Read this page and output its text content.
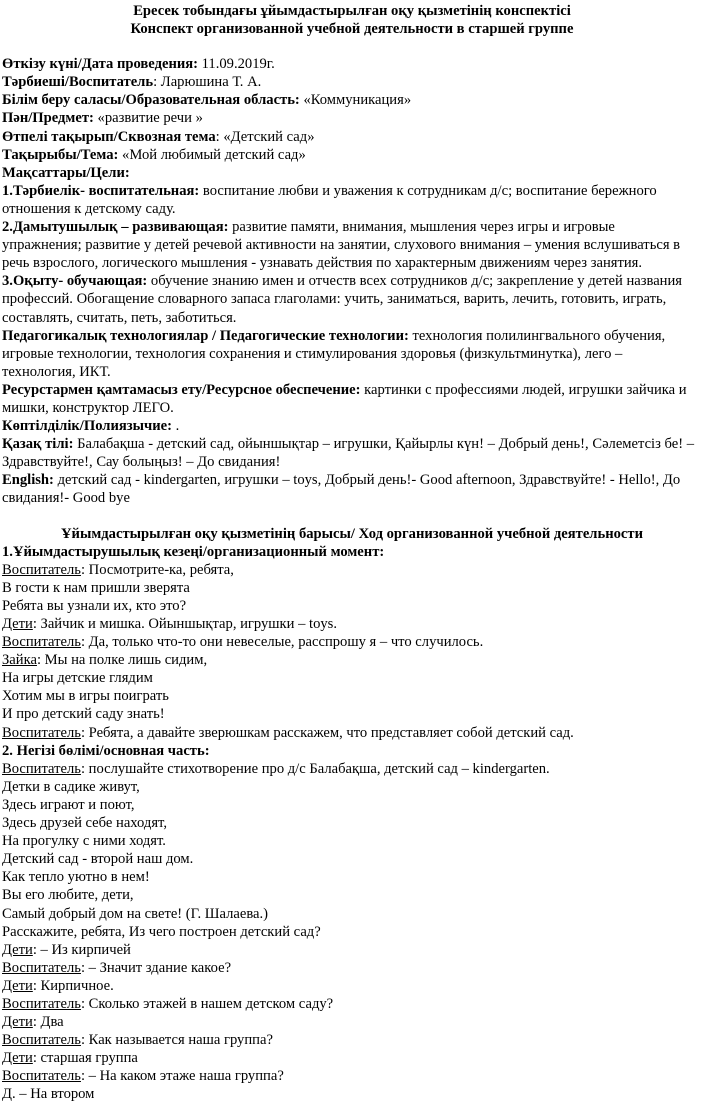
Ересек тобындағы ұйымдастырылған оқу қызметінің конспектісі

Конспект организованной учебной деятельности в старшей группе

Өткізу күні/Дата проведения: 11.09.2019г.

Тәрбиеші/Воспитатель: Ларюшина Т. А.

Білім беру саласы/Образовательная область: «Коммуникация»

Пән/Предмет: «развитие речи »

Өтпелі тақырып/Сквозная тема: «Детский сад»

Тақырыбы/Тема: «Мой любимый детский сад»

Мақсаттары/Цели:

1.Тәрбиелік- воспитательная: воспитание любви и уважения к сотрудникам д/с; воспитание бережного отношения к детскому саду.

2.Дамытушылық – развивающая: развитие памяти, внимания, мышления через игры и игровые упражнения; развитие у детей речевой активности на занятии, слухового внимания – умения вслушиваться в речь взрослого, логического мышления - узнавать действия по характерным движениям через занятия.

3.Оқыту- обучающая: обучение знанию имен и отчеств всех сотрудников д/с; закрепление у детей названия профессий. Обогащение словарного запаса глаголами: учить, заниматься, варить, лечить, готовить, играть, составлять, считать, петь, заботиться.

Педагогикалық технологиялар / Педагогические технологии: технология полилингвального обучения, игровые технологии, технология сохранения и стимулирования здоровья (физкультминутка), лего – технология, ИКТ.

Ресурстармен қамтамасыз ету/Ресурсное обеспечение: картинки с профессиями людей, игрушки зайчика и мишки, конструктор ЛЕГО.

Көптілділік/Полиязычие: .

Қазақ тілі: Балабақша - детский сад, ойыншықтар – игрушки, Қайырлы күн! – Добрый день!, Сәлеметсіз бе! – Здравствуйте!, Сау болыңыз! – До свидания!

English: детский сад - kindergarten, игрушки – toys, Добрый день!- Good afternoon, Здравствуйте! - Hello!, До свидания!- Good bye

Ұйымдастырылған оқу қызметінің барысы/ Ход организованной учебной деятельности

1.Ұйымдастырушылық кезеңі/организационный момент:

Воспитатель: Посмотрите-ка, ребята,

В гости к нам пришли зверята

Ребята вы узнали их, кто это?

Дети: Зайчик и мишка. Ойыншықтар, игрушки – toys.

Воспитатель: Да, только что-то они невеселые, расспрошу я – что случилось.

Зайка: Мы на полке лишь сидим,

На игры детские глядим

Хотим мы в игры поиграть

И про детский саду знать!

Воспитатель: Ребята, а давайте зверюшкам расскажем, что представляет собой детский сад.

2. Негізі бөлімі/основная часть:

Воспитатель: послушайте стихотворение про д/с Балабақша, детский сад – kindergarten.

Детки в садике живут,

Здесь играют и поют,

Здесь друзей себе находят,

На прогулку с ними ходят.

Детский сад - второй наш дом.

Как тепло уютно в нем!

Вы его любите, дети,

Самый добрый дом на свете! (Г. Шалаева.)

Расскажите, ребята, Из чего построен детский сад?

Дети: – Из кирпичей

Воспитатель: – Значит здание какое?

Дети: Кирпичное.

Воспитатель: Сколько этажей в нашем детском саду?

Дети: Два

Воспитатель: Как называется наша группа?

Дети: старшая группа

Воспитатель: – На каком этаже наша группа?

Д. – На втором
